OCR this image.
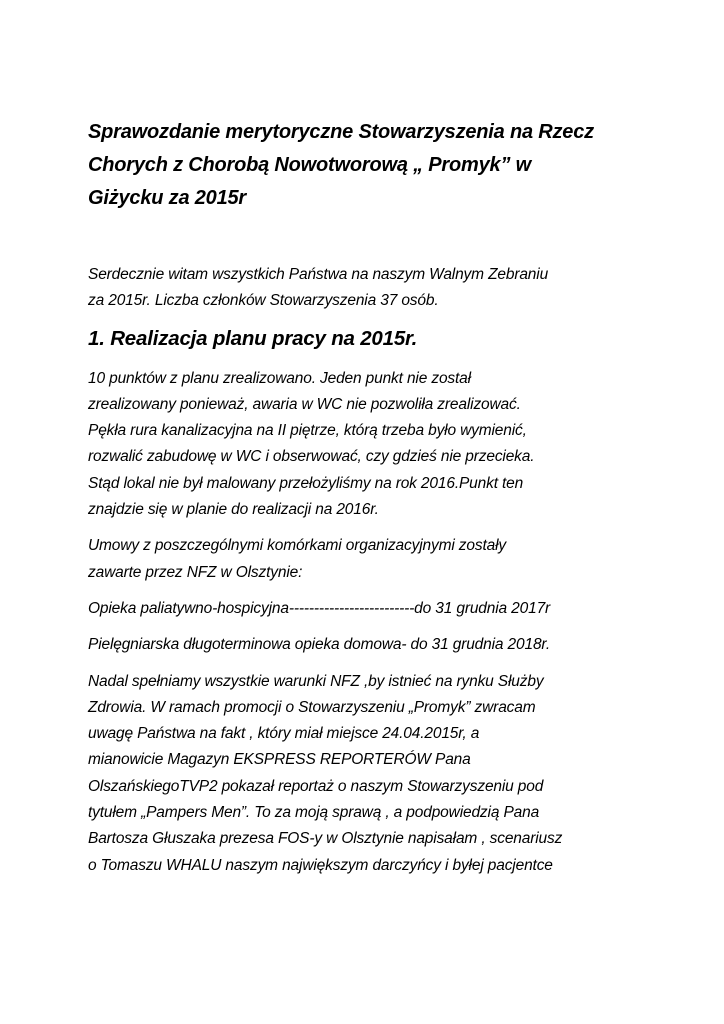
Sprawozdanie merytoryczne Stowarzyszenia na Rzecz
Chorych z Chorobą Nowotworową „ Promyk” w
Giżycku za 2015r

Serdecznie witam wszystkich Państwa na naszym Walnym Zebraniu
za 2015r. Liczba członków Stowarzyszenia 37 osób.

1. Realizacja planu pracy na 2015r.

10 punktów z planu zrealizowano. Jeden punkt nie został
zrealizowany ponieważ, awaria w WC nie pozwoliła zrealizować.
Pękła rura kanalizacyjna na II piętrze, którą trzeba było wymienić,
rozwalić zabudowę w WC i obserwować, czy gdzieś nie przecieka.
Stąd lokal nie był malowany przełożyliśmy na rok 2016.Punkt ten
znajdzie się w planie do realizacji na 2016r.

Umowy z poszczególnymi komórkami organizacyjnymi zostały
zawarte przez NFZ w Olsztynie:

Opieka paliatywno-hospicyjna-------------------------do 31 grudnia 2017r

Pielęgniarska długoterminowa opieka domowa- do 31 grudnia 2018r.

Nadal spełniamy wszystkie warunki NFZ ,by istnieć na rynku Służby
Zdrowia. W ramach promocji o Stowarzyszeniu „Promyk” zwracam
uwagę Państwa na fakt , który miał miejsce 24.04.2015r, a
mianowicie Magazyn EKSPRESS REPORTERÓW Pana
OlszańskiegoTVP2 pokazał reportaż o naszym Stowarzyszeniu pod
tytułem „Pampers Men”. To za moją sprawą , a podpowiedzią Pana
Bartosza Głuszaka prezesa FOS-y w Olsztynie napisałam , scenariusz
o Tomaszu WHALU naszym największym darczyńcy i byłej pacjentce
